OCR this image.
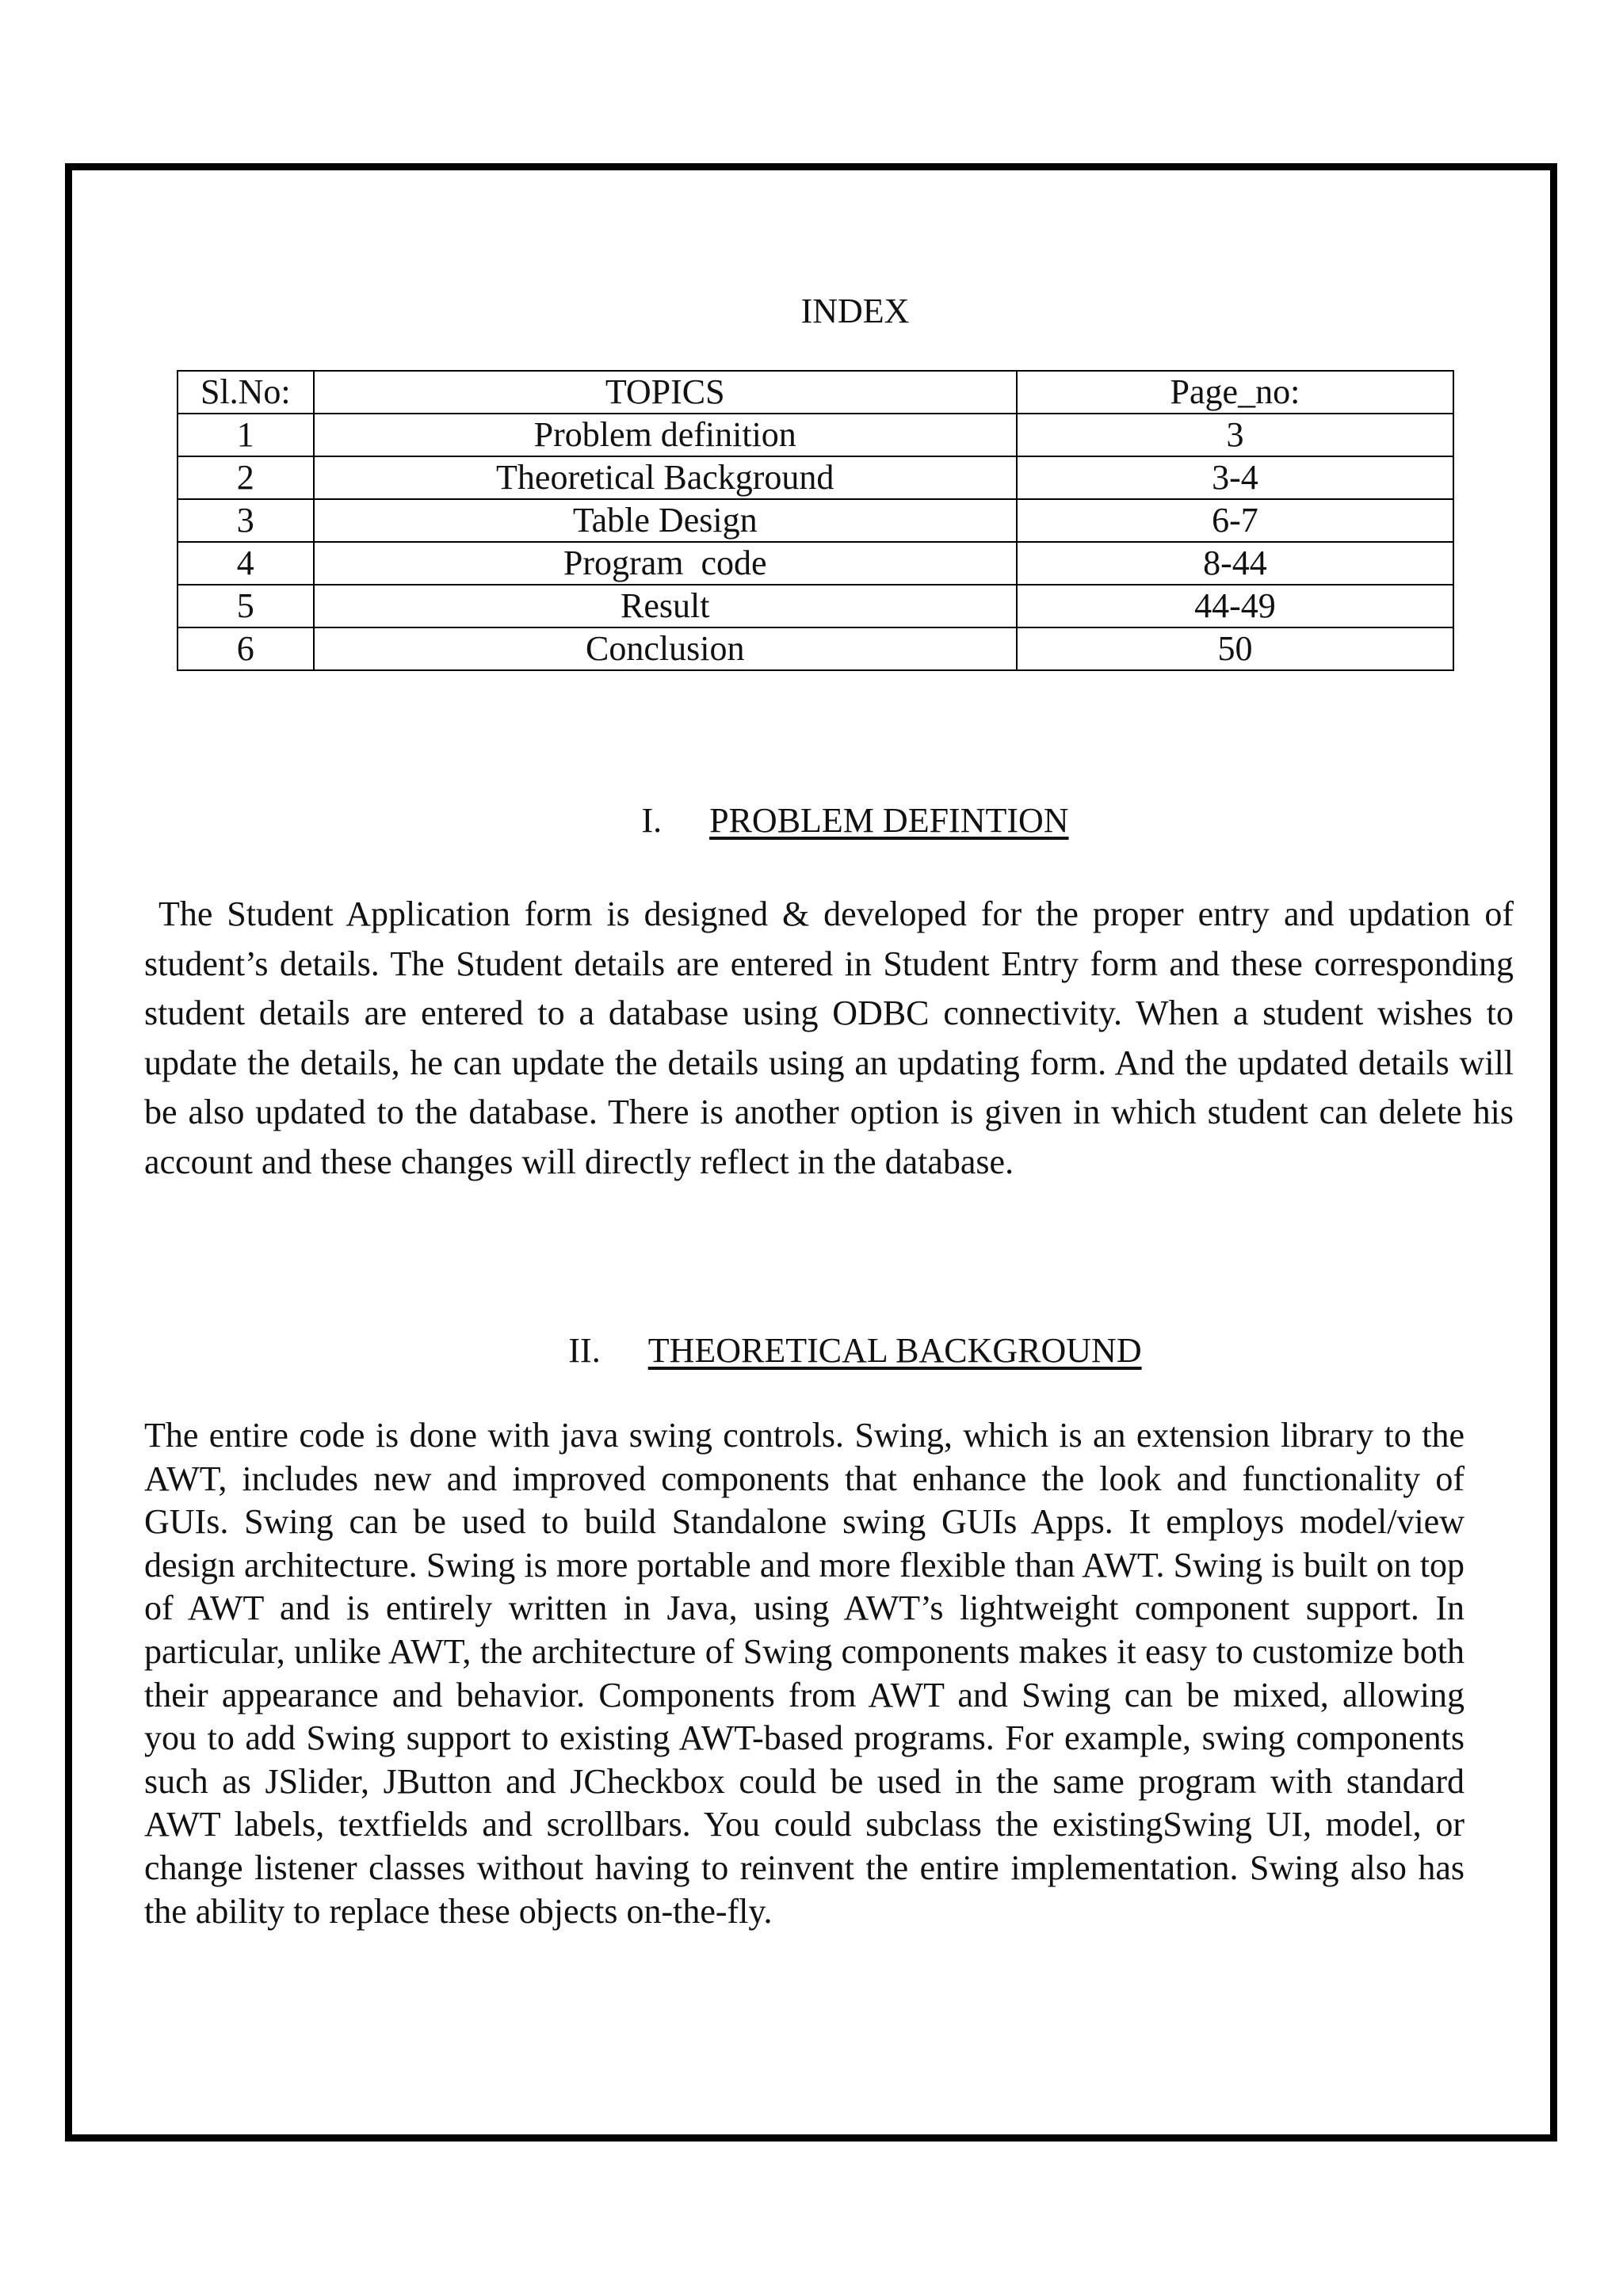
INDEX
Sl.No:	TOPICS	Page_no:
1	Problem definition	3
2	Theoretical Background	3-4
3	Table Design	6-7
4	Program  code	8-44
5	Result	44-49
6	Conclusion	50
I. PROBLEM DEFINTION

The Student Application form is designed & developed for the proper entry and updation of student’s details. The Student details are entered in Student Entry form and these corresponding student details are entered to a database using ODBC connectivity. When a student wishes to update the details, he can update the details using an updating form. And the updated details will be also updated to the database. There is another option is given in which student can delete his account and these changes will directly reflect in the database.

II. THEORETICAL BACKGROUND

The entire code is done with java swing controls. Swing, which is an extension library to the AWT, includes new and improved components that enhance the look and functionality of GUIs. Swing can be used to build Standalone swing GUIs Apps. It employs model/view design architecture. Swing is more portable and more flexible than AWT. Swing is built on top of AWT and is entirely written in Java, using AWT’s lightweight component support. In particular, unlike AWT, the architecture of Swing components makes it easy to customize both their appearance and behavior. Components from AWT and Swing can be mixed, allowing you to add Swing support to existing AWT-based programs. For example, swing components such as JSlider, JButton and JCheckbox could be used in the same program with standard AWT labels, textfields and scrollbars. You could subclass the existingSwing UI, model, or change listener classes without having to reinvent the entire implementation. Swing also has the ability to replace these objects on-the-fly.
